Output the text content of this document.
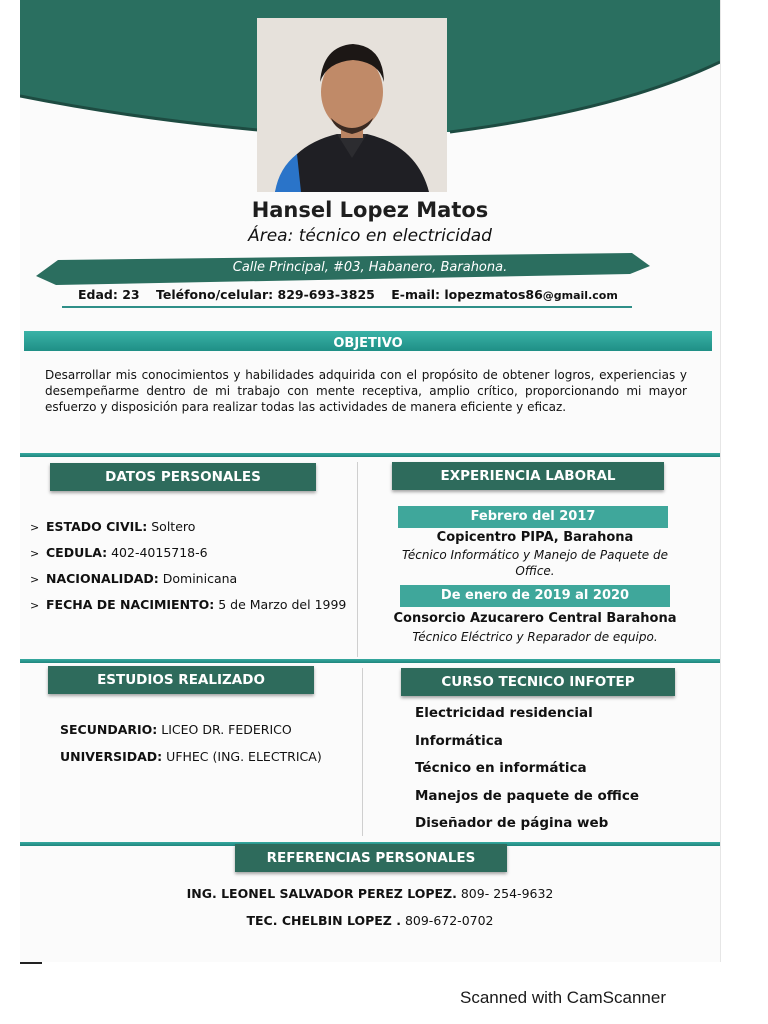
Hansel Lopez Matos
Área: técnico en electricidad
Calle Principal, #03, Habanero, Barahona.
Edad: 23 Teléfono/celular: 829-693-3825 E-mail: lopezmatos86@gmail.com
OBJETIVO
Desarrollar mis conocimientos y habilidades adquirida con el propósito de obtener logros, experiencias y desempeñarme dentro de mi trabajo con mente receptiva, amplio crítico, proporcionando mi mayor esfuerzo y disposición para realizar todas las actividades de manera eficiente y eficaz.
DATOS PERSONALES
> ESTADO CIVIL: Soltero
> CEDULA: 402-4015718-6
> NACIONALIDAD: Dominicana
> FECHA DE NACIMIENTO: 5 de Marzo del 1999
EXPERIENCIA LABORAL
Febrero del 2017
Copicentro PIPA, Barahona
Técnico Informático y Manejo de Paquete de
Office.
De enero de 2019 al 2020
Consorcio Azucarero Central Barahona
Técnico Eléctrico y Reparador de equipo.
ESTUDIOS REALIZADO
SECUNDARIO: LICEO DR. FEDERICO
UNIVERSIDAD: UFHEC (ING. ELECTRICA)
CURSO TECNICO INFOTEP
Electricidad residencial
Informática
Técnico en informática
Manejos de paquete de office
Diseñador de página web
REFERENCIAS PERSONALES
ING. LEONEL SALVADOR PEREZ LOPEZ. 809- 254-9632
TEC. CHELBIN LOPEZ . 809-672-0702
Scanned with CamScanner
